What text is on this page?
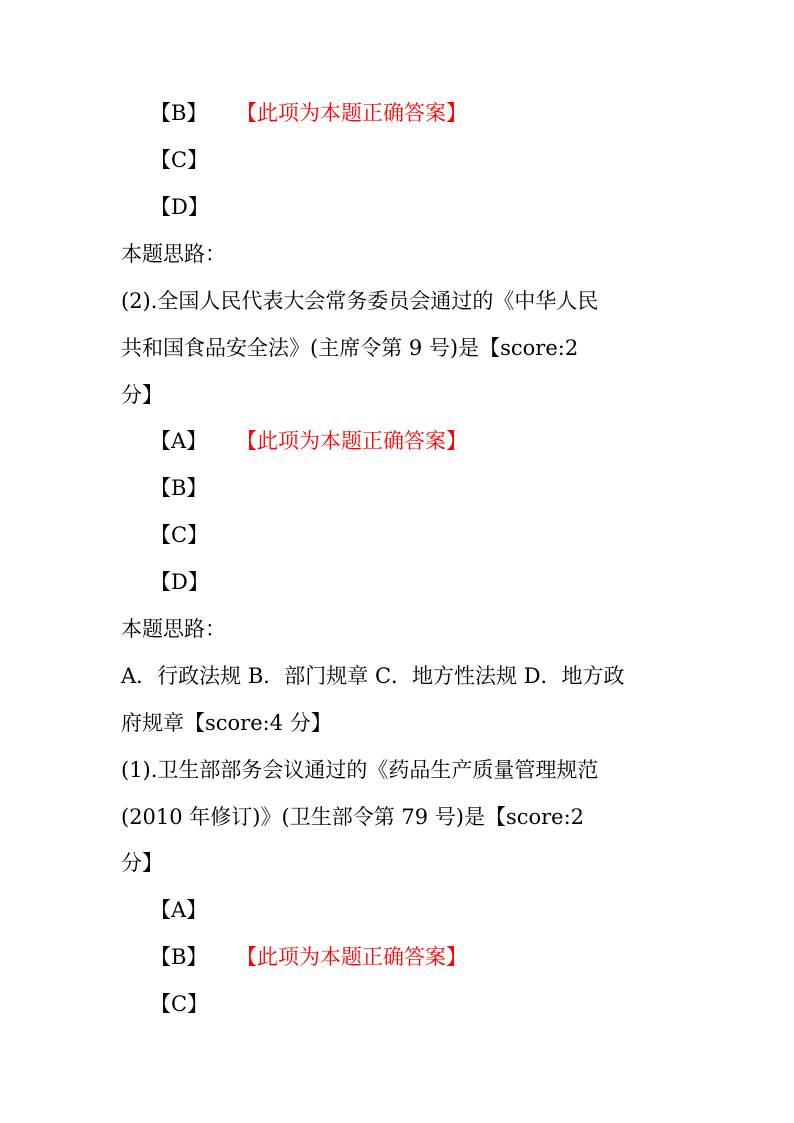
【B】 【此项为本题正确答案】
【C】
【D】
本题思路：
(2).全国人民代表大会常务委员会通过的《中华人民
共和国食品安全法》(主席令第 9 号)是【score:2
分】
【A】 【此项为本题正确答案】
【B】
【C】
【D】
本题思路：
A．行政法规 B．部门规章 C．地方性法规 D．地方政
府规章【score:4 分】
(1).卫生部部务会议通过的《药品生产质量管理规范
(2010 年修订)》(卫生部令第 79 号)是【score:2
分】
【A】
【B】 【此项为本题正确答案】
【C】
